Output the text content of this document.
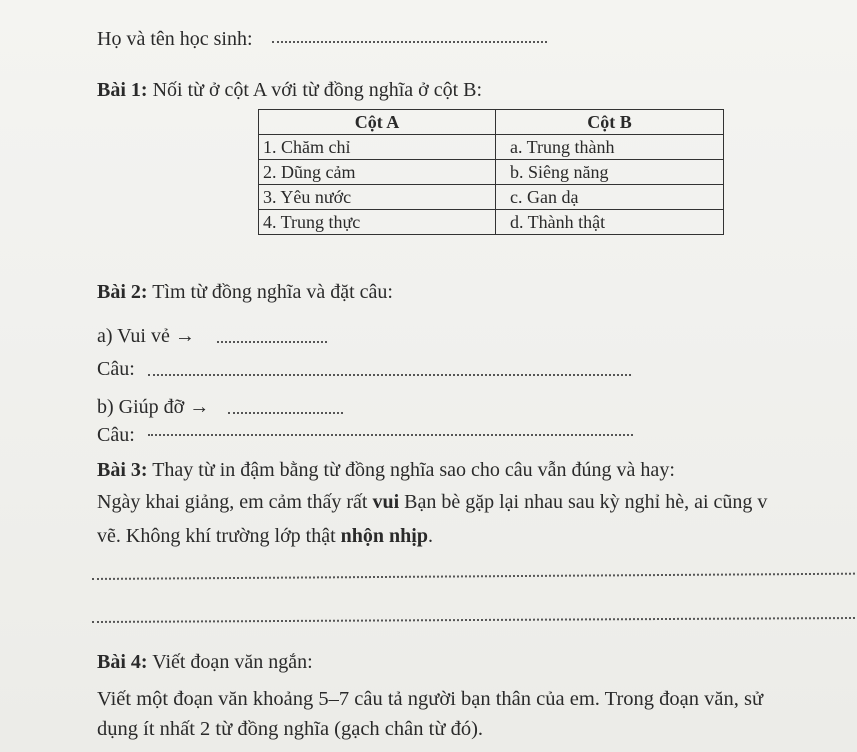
Họ và tên học sinh:
Bài 1: Nối từ ở cột A với từ đồng nghĩa ở cột B:
Cột A	Cột B
1. Chăm chỉ	a. Trung thành
2. Dũng cảm	b. Siêng năng
3. Yêu nước	c. Gan dạ
4. Trung thực	d. Thành thật
Bài 2: Tìm từ đồng nghĩa và đặt câu:
a) Vui vẻ →
Câu:
b) Giúp đỡ →
Câu:
Bài 3: Thay từ in đậm bằng từ đồng nghĩa sao cho câu vẫn đúng và hay:
Ngày khai giảng, em cảm thấy rất vui Bạn bè gặp lại nhau sau kỳ nghỉ hè, ai cũng v
vẽ. Không khí trường lớp thật nhộn nhịp.
Bài 4: Viết đoạn văn ngắn:
Viết một đoạn văn khoảng 5–7 câu tả người bạn thân của em. Trong đoạn văn, sử
dụng ít nhất 2 từ đồng nghĩa (gạch chân từ đó).
